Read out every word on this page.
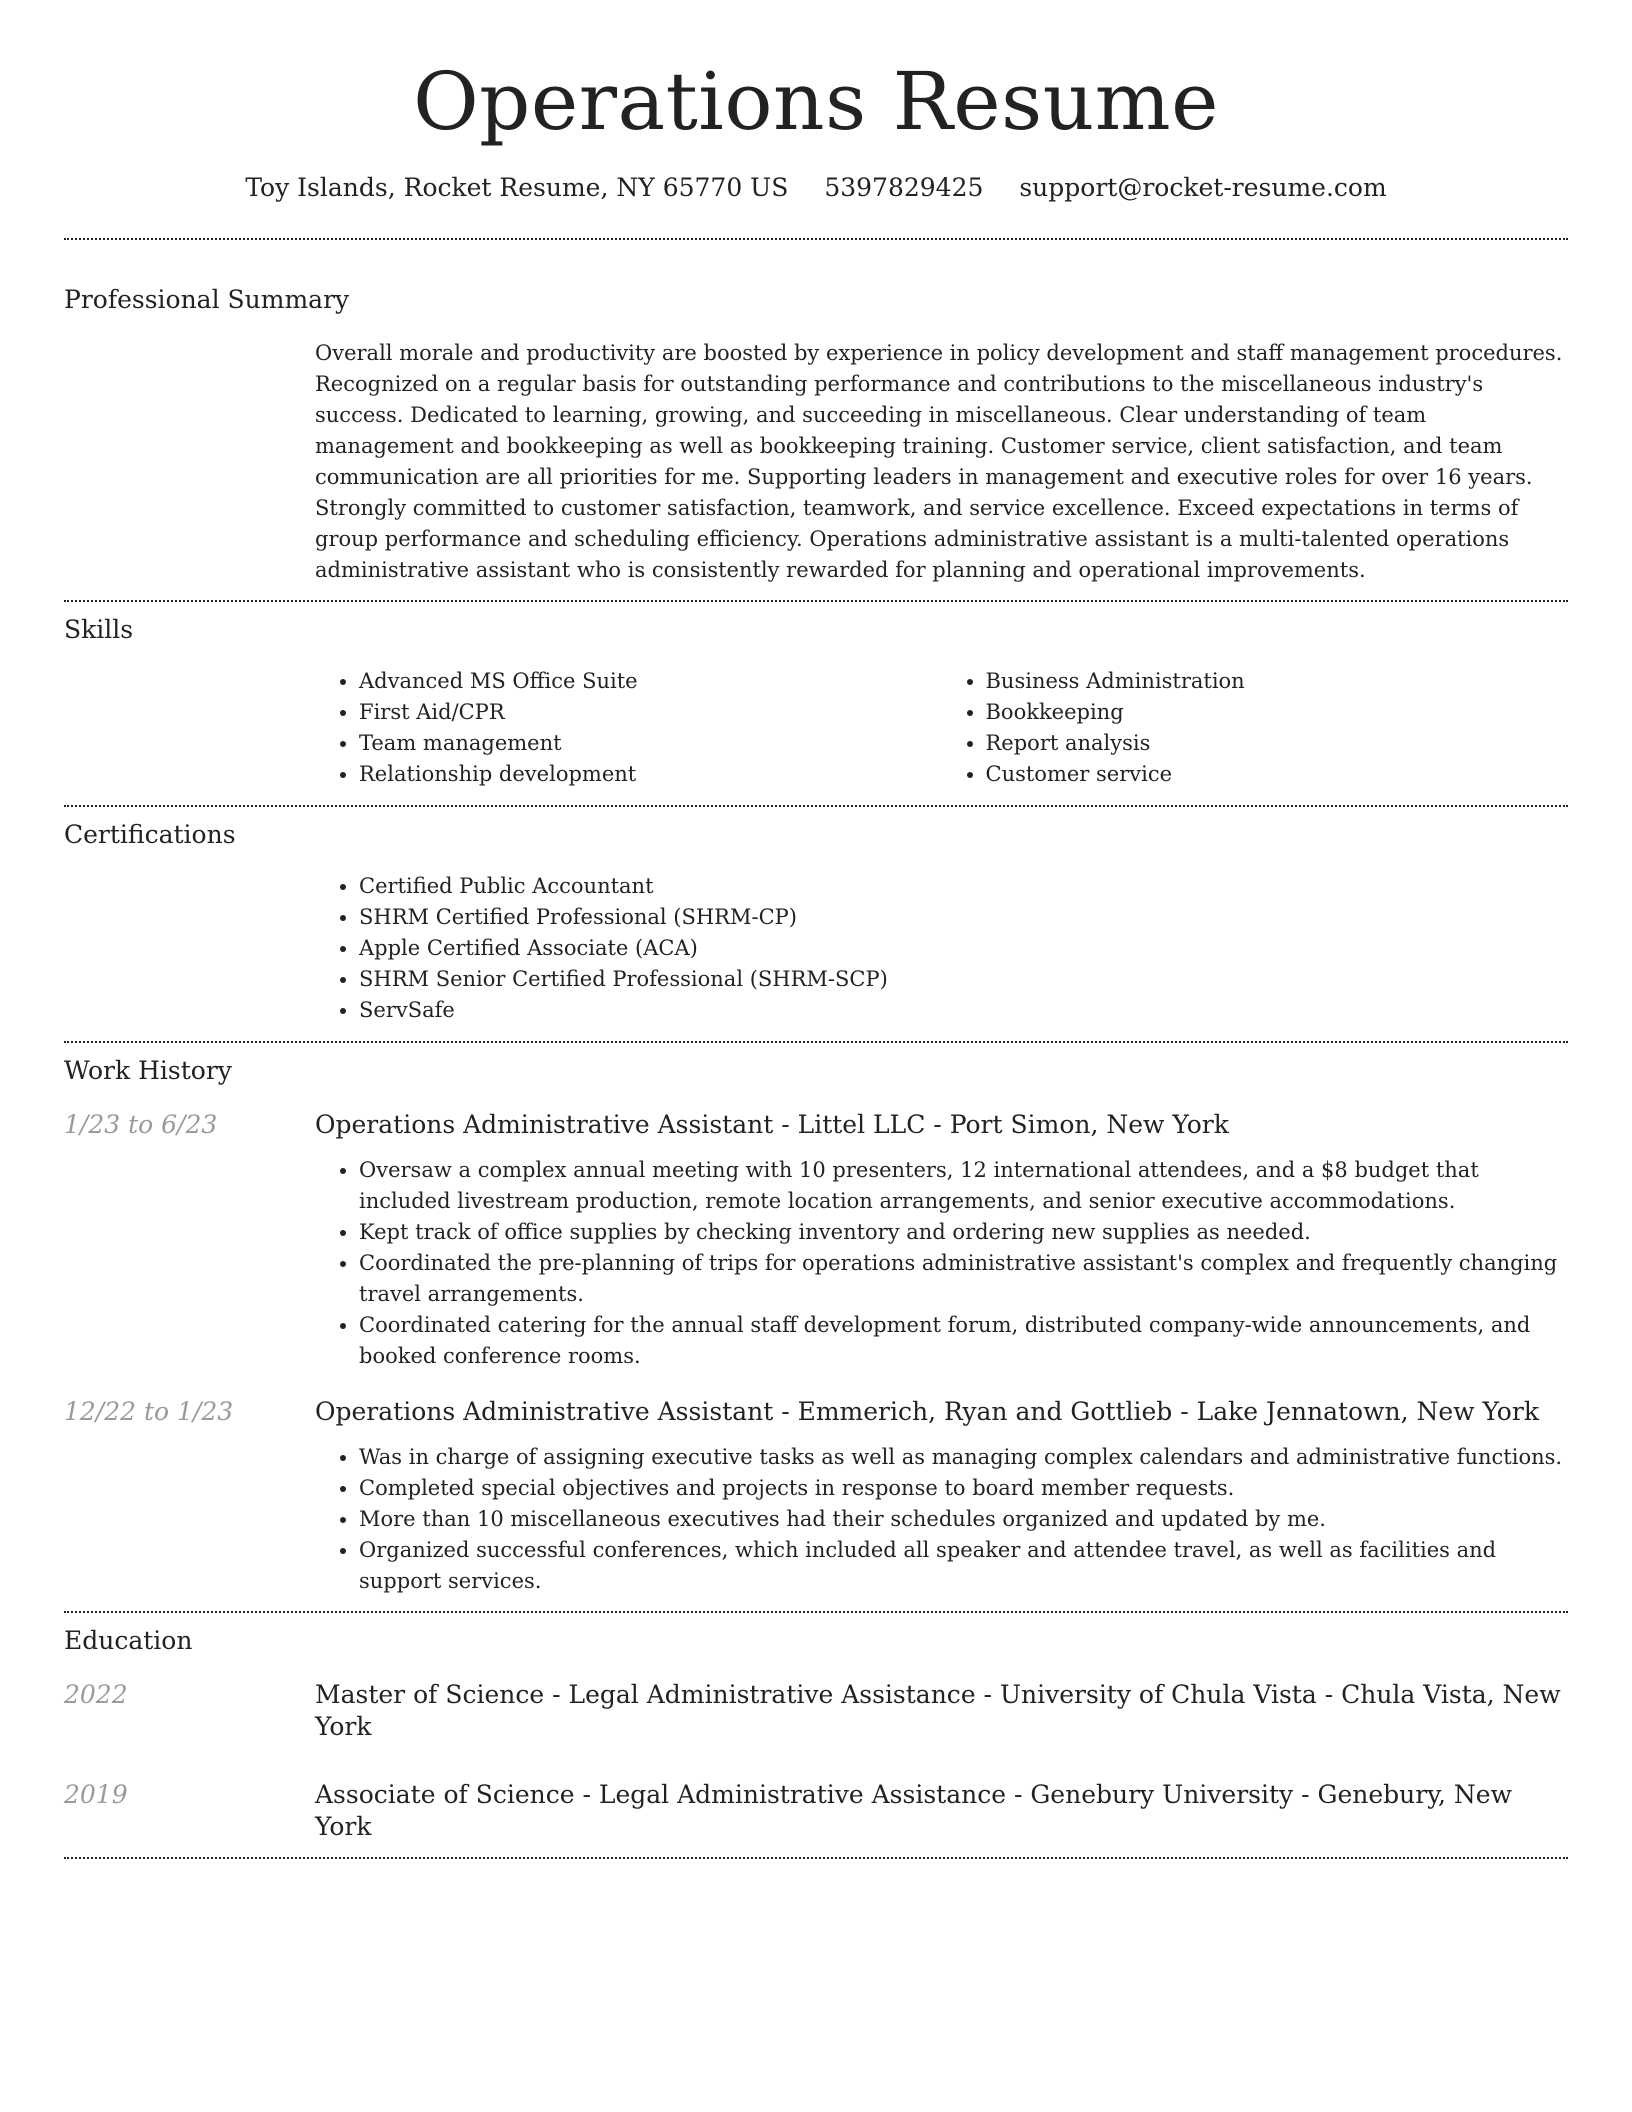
Operations Resume
Toy Islands, Rocket Resume, NY 65770 US 5397829425 support@rocket-resume.com
Professional Summary
Overall morale and productivity are boosted by experience in policy development and staff management procedures. Recognized on a regular basis for outstanding performance and contributions to the miscellaneous industry's success. Dedicated to learning, growing, and succeeding in miscellaneous. Clear understanding of team management and bookkeeping as well as bookkeeping training. Customer service, client satisfaction, and team communication are all priorities for me. Supporting leaders in management and executive roles for over 16 years. Strongly committed to customer satisfaction, teamwork, and service excellence. Exceed expectations in terms of group performance and scheduling efficiency. Operations administrative assistant is a multi-talented operations administrative assistant who is consistently rewarded for planning and operational improvements.
Skills
• Advanced MS Office Suite
• First Aid/CPR
• Team management
• Relationship development
• Business Administration
• Bookkeeping
• Report analysis
• Customer service
Certifications
• Certified Public Accountant
• SHRM Certified Professional (SHRM-CP)
• Apple Certified Associate (ACA)
• SHRM Senior Certified Professional (SHRM-SCP)
• ServSafe
Work History
1/23 to 6/23	Operations Administrative Assistant - Littel LLC - Port Simon, New York
• Oversaw a complex annual meeting with 10 presenters, 12 international attendees, and a $8 budget that included livestream production, remote location arrangements, and senior executive accommodations.
• Kept track of office supplies by checking inventory and ordering new supplies as needed.
• Coordinated the pre-planning of trips for operations administrative assistant's complex and frequently changing travel arrangements.
• Coordinated catering for the annual staff development forum, distributed company-wide announcements, and booked conference rooms.
12/22 to 1/23	Operations Administrative Assistant - Emmerich, Ryan and Gottlieb - Lake Jennatown, New York
• Was in charge of assigning executive tasks as well as managing complex calendars and administrative functions.
• Completed special objectives and projects in response to board member requests.
• More than 10 miscellaneous executives had their schedules organized and updated by me.
• Organized successful conferences, which included all speaker and attendee travel, as well as facilities and support services.
Education
2022	Master of Science - Legal Administrative Assistance - University of Chula Vista - Chula Vista, New York
2019	Associate of Science - Legal Administrative Assistance - Genebury University - Genebury, New York
